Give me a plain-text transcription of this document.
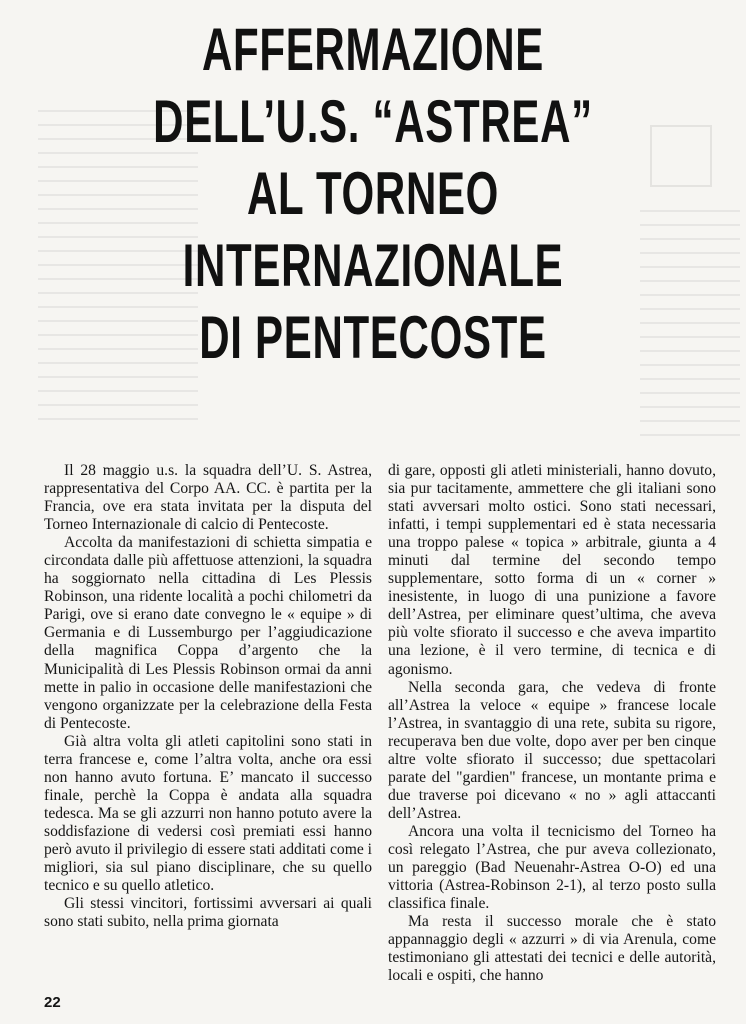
AFFERMAZIONE
DELL’U.S. “ASTREA”
AL TORNEO
INTERNAZIONALE
DI PENTECOSTE

Il 28 maggio u.s. la squadra dell’U. S. Astrea, rappresentativa del Corpo AA. CC. è partita per la Francia, ove era stata invitata per la disputa del Torneo Internazionale di calcio di Pentecoste.

Accolta da manifestazioni di schietta simpatia e circondata dalle più affettuose attenzioni, la squadra ha soggiornato nella cittadina di Les Plessis Robinson, una ridente località a pochi chilometri da Parigi, ove si erano date convegno le « equipe » di Germania e di Lussemburgo per l’aggiudicazione della magnifica Coppa d’argento che la Municipalità di Les Plessis Robinson ormai da anni mette in palio in occasione delle manifestazioni che vengono organizzate per la celebrazione della Festa di Pentecoste.

Già altra volta gli atleti capitolini sono stati in terra francese e, come l’altra volta, anche ora essi non hanno avuto fortuna. E’ mancato il successo finale, perchè la Coppa è andata alla squadra tedesca. Ma se gli azzurri non hanno potuto avere la soddisfazione di vedersi così premiati essi hanno però avuto il privilegio di essere stati additati come i migliori, sia sul piano disciplinare, che su quello tecnico e su quello atletico.

Gli stessi vincitori, fortissimi avversari ai quali sono stati subito, nella prima giornata

di gare, opposti gli atleti ministeriali, hanno dovuto, sia pur tacitamente, ammettere che gli italiani sono stati avversari molto ostici. Sono stati necessari, infatti, i tempi supplementari ed è stata necessaria una troppo palese « topica » arbitrale, giunta a 4 minuti dal termine del secondo tempo supplementare, sotto forma di un « corner » inesistente, in luogo di una punizione a favore dell’Astrea, per eliminare quest’ultima, che aveva più volte sfiorato il successo e che aveva impartito una lezione, è il vero termine, di tecnica e di agonismo.

Nella seconda gara, che vedeva di fronte all’Astrea la veloce « equipe » francese locale l’Astrea, in svantaggio di una rete, subita su rigore, recuperava ben due volte, dopo aver per ben cinque altre volte sfiorato il successo; due spettacolari parate del "gardien" francese, un montante prima e due traverse poi dicevano « no » agli attaccanti dell’Astrea.

Ancora una volta il tecnicismo del Torneo ha così relegato l’Astrea, che pur aveva collezionato, un pareggio (Bad Neuenahr-Astrea O-O) ed una vittoria (Astrea-Robinson 2-1), al terzo posto sulla classifica finale.

Ma resta il successo morale che è stato appannaggio degli « azzurri » di via Arenula, come testimoniano gli attestati dei tecnici e delle autorità, locali e ospiti, che hanno

22
